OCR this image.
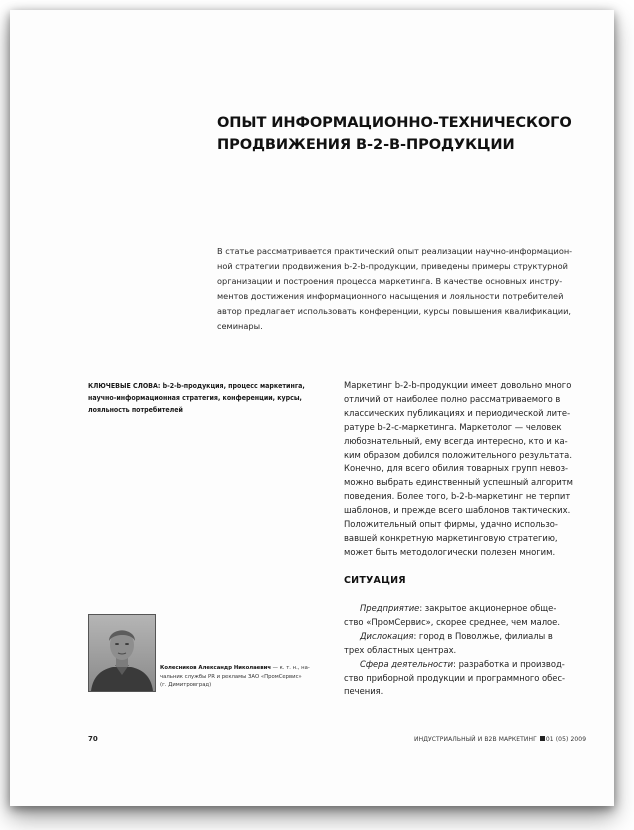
ОПЫТ ИНФОРМАЦИОННО-ТЕХНИЧЕСКОГО
ПРОДВИЖЕНИЯ B-2-B-ПРОДУКЦИИ
В статье рассматривается практический опыт реализации научно-информацион-
ной стратегии продвижения b-2-b-продукции, приведены примеры структурной
организации и построения процесса маркетинга. В качестве основных инстру-
ментов достижения информационного насыщения и лояльности потребителей
автор предлагает использовать конференции, курсы повышения квалификации,
семинары.
КЛЮЧЕВЫЕ СЛОВА: b-2-b-продукция, процесс маркетинга,
научно-информационная стратегия, конференции, курсы,
лояльность потребителей
Маркетинг b-2-b-продукции имеет довольно много
отличий от наиболее полно рассматриваемого в
классических публикациях и периодической лите-
ратуре b-2-c-маркетинга. Маркетолог — человек
любознательный, ему всегда интересно, кто и ка-
ким образом добился положительного результата.
Конечно, для всего обилия товарных групп невоз-
можно выбрать единственный успешный алгоритм
поведения. Более того, b-2-b-маркетинг не терпит
шаблонов, и прежде всего шаблонов тактических.
Положительный опыт фирмы, удачно использо-
вавшей конкретную маркетинговую стратегию,
может быть методологически полезен многим.
СИТУАЦИЯ
Предприятие: закрытое акционерное обще-
ство «ПромСервис», скорее среднее, чем малое.
Дислокация: город в Поволжье, филиалы в
трех областных центрах.
Сфера деятельности: разработка и производ-
ство приборной продукции и программного обес-
печения.
Колесников Александр Николаевич — к. т. н., на-
чальник службы PR и рекламы ЗАО «ПромСервис»
(г. Димитровград)
70	ИНДУСТРИАЛЬНЫЙ И В2В МАРКЕТИНГ 01 (05) 2009
